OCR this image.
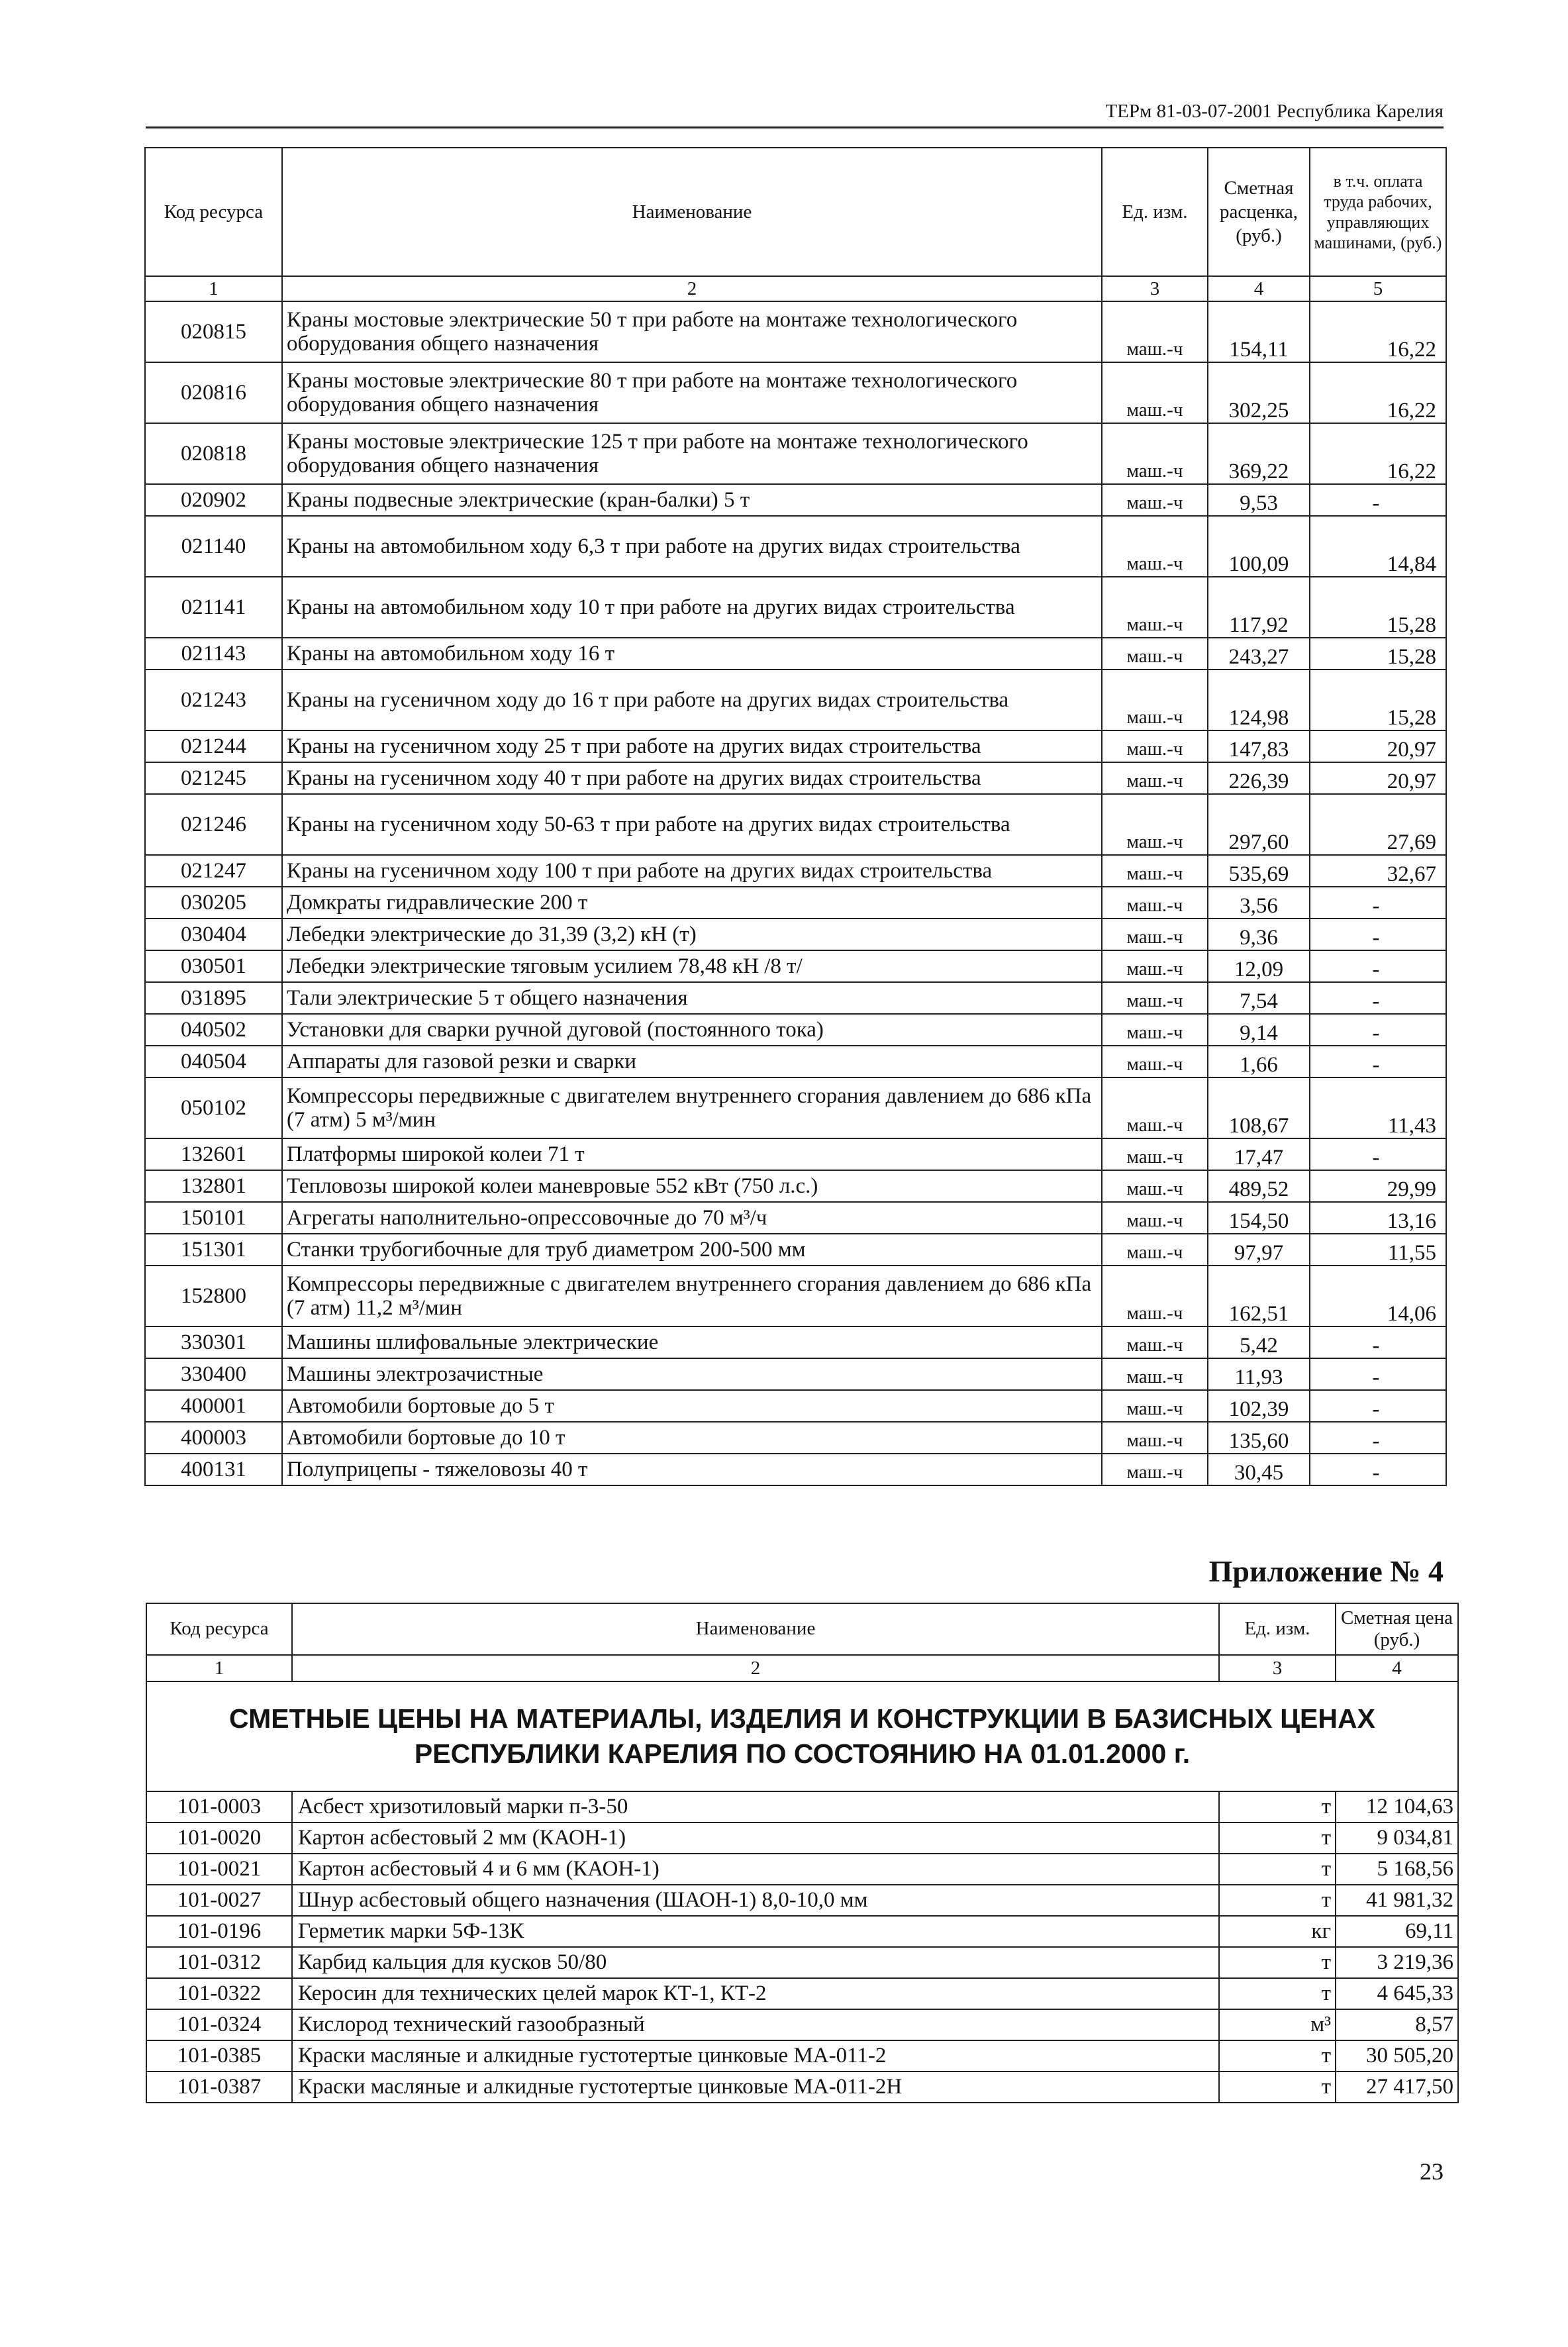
ТЕРм 81-03-07-2001 Республика Карелия
Код ресурса	Наименование	Ед. изм.	Сметная расценка, (руб.)	в т.ч. оплата труда рабочих, управляющих машинами, (руб.)
1	2	3	4	5
020815	Краны мостовые электрические 50 т при работе на монтаже технологического оборудования общего назначения	маш.-ч	154,11	16,22
020816	Краны мостовые электрические 80 т при работе на монтаже технологического оборудования общего назначения	маш.-ч	302,25	16,22
020818	Краны мостовые электрические 125 т при работе на монтаже технологического оборудования общего назначения	маш.-ч	369,22	16,22
020902	Краны подвесные электрические (кран-балки) 5 т	маш.-ч	9,53	-
021140	Краны на автомобильном ходу 6,3 т при работе на других видах строительства	маш.-ч	100,09	14,84
021141	Краны на автомобильном ходу 10 т при работе на других видах строительства	маш.-ч	117,92	15,28
021143	Краны на автомобильном ходу 16 т	маш.-ч	243,27	15,28
021243	Краны на гусеничном ходу до 16 т при работе на других видах строительства	маш.-ч	124,98	15,28
021244	Краны на гусеничном ходу 25 т при работе на других видах строительства	маш.-ч	147,83	20,97
021245	Краны на гусеничном ходу 40 т при работе на других видах строительства	маш.-ч	226,39	20,97
021246	Краны на гусеничном ходу 50-63 т при работе на других видах строительства	маш.-ч	297,60	27,69
021247	Краны на гусеничном ходу 100 т при работе на других видах строительства	маш.-ч	535,69	32,67
030205	Домкраты гидравлические 200 т	маш.-ч	3,56	-
030404	Лебедки электрические до 31,39 (3,2) кН (т)	маш.-ч	9,36	-
030501	Лебедки электрические тяговым усилием 78,48 кН /8 т/	маш.-ч	12,09	-
031895	Тали электрические 5 т общего назначения	маш.-ч	7,54	-
040502	Установки для сварки ручной дуговой (постоянного тока)	маш.-ч	9,14	-
040504	Аппараты для газовой резки и сварки	маш.-ч	1,66	-
050102	Компрессоры передвижные с двигателем внутреннего сгорания давлением до 686 кПа (7 атм) 5 м³/мин	маш.-ч	108,67	11,43
132601	Платформы широкой колеи 71 т	маш.-ч	17,47	-
132801	Тепловозы широкой колеи маневровые 552 кВт (750 л.с.)	маш.-ч	489,52	29,99
150101	Агрегаты наполнительно-опрессовочные до 70 м³/ч	маш.-ч	154,50	13,16
151301	Станки трубогибочные для труб диаметром 200-500 мм	маш.-ч	97,97	11,55
152800	Компрессоры передвижные с двигателем внутреннего сгорания давлением до 686 кПа (7 атм) 11,2 м³/мин	маш.-ч	162,51	14,06
330301	Машины шлифовальные электрические	маш.-ч	5,42	-
330400	Машины электрозачистные	маш.-ч	11,93	-
400001	Автомобили бортовые до 5 т	маш.-ч	102,39	-
400003	Автомобили бортовые до 10 т	маш.-ч	135,60	-
400131	Полуприцепы - тяжеловозы 40 т	маш.-ч	30,45	-
Приложение № 4
Код ресурса	Наименование	Ед. изм.	Сметная цена (руб.)
1	2	3	4
СМЕТНЫЕ ЦЕНЫ НА МАТЕРИАЛЫ, ИЗДЕЛИЯ И КОНСТРУКЦИИ В БАЗИСНЫХ ЦЕНАХ РЕСПУБЛИКИ КАРЕЛИЯ ПО СОСТОЯНИЮ НА 01.01.2000 г.			
101-0003	Асбест хризотиловый марки п-3-50	т	12 104,63
101-0020	Картон асбестовый 2 мм (КАОН-1)	т	9 034,81
101-0021	Картон асбестовый 4 и 6 мм (КАОН-1)	т	5 168,56
101-0027	Шнур асбестовый общего назначения (ШАОН-1) 8,0-10,0 мм	т	41 981,32
101-0196	Герметик марки 5Ф-13К	кг	69,11
101-0312	Карбид кальция для кусков 50/80	т	3 219,36
101-0322	Керосин для технических целей марок КТ-1, КТ-2	т	4 645,33
101-0324	Кислород технический газообразный	м³	8,57
101-0385	Краски масляные и алкидные густотертые цинковые МА-011-2	т	30 505,20
101-0387	Краски масляные и алкидные густотертые цинковые МА-011-2Н	т	27 417,50
23
